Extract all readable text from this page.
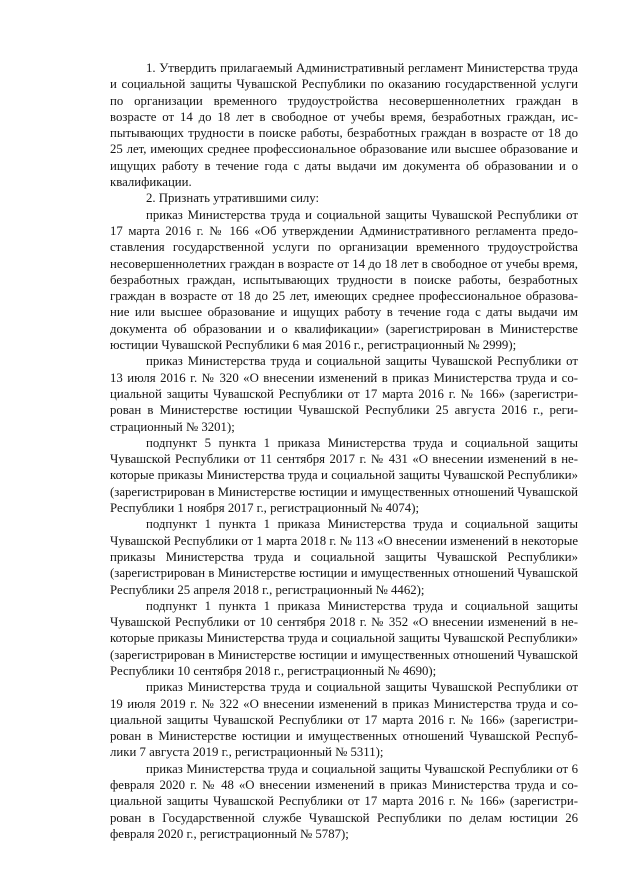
1. Утвердить прилагаемый Административный регламент Министерства труда и социальной защиты Чувашской Республики по оказанию государственной услуги по организации временного трудоустройства несовершеннолетних граждан в возрасте от 14 до 18 лет в свободное от учебы время, безработных граждан, испытывающих трудности в поиске работы, безработных граждан в возрасте от 18 до 25 лет, имеющих среднее профессиональное образование или высшее образование и ищущих работу в течение года с даты выдачи им документа об образовании и о квалификации.

2. Признать утратившими силу:

приказ Министерства труда и социальной защиты Чувашской Республики от 17 марта 2016 г. № 166 «Об утверждении Административного регламента предоставления государственной услуги по организации временного трудоустройства несовершеннолетних граждан в возрасте от 14 до 18 лет в свободное от учебы время, безработных граждан, испытывающих трудности в поиске работы, безработных граждан в возрасте от 18 до 25 лет, имеющих среднее профессиональное образование или высшее образование и ищущих работу в течение года с даты выдачи им документа об образовании и о квалификации» (зарегистрирован в Министерстве юстиции Чувашской Республики 6 мая 2016 г., регистрационный № 2999);

приказ Министерства труда и социальной защиты Чувашской Республики от 13 июля 2016 г. № 320 «О внесении изменений в приказ Министерства труда и социальной защиты Чувашской Республики от 17 марта 2016 г. № 166» (зарегистрирован в Министерстве юстиции Чувашской Республики 25 августа 2016 г., регистрационный № 3201);

подпункт 5 пункта 1 приказа Министерства труда и социальной защиты Чувашской Республики от 11 сентября 2017 г. № 431 «О внесении изменений в некоторые приказы Министерства труда и социальной защиты Чувашской Республики» (зарегистрирован в Министерстве юстиции и имущественных отношений Чувашской Республики 1 ноября 2017 г., регистрационный № 4074);

подпункт 1 пункта 1 приказа Министерства труда и социальной защиты Чувашской Республики от 1 марта 2018 г. № 113 «О внесении изменений в некоторые приказы Министерства труда и социальной защиты Чувашской Республики» (зарегистрирован в Министерстве юстиции и имущественных отношений Чувашской Республики 25 апреля 2018 г., регистрационный № 4462);

подпункт 1 пункта 1 приказа Министерства труда и социальной защиты Чувашской Республики от 10 сентября 2018 г. № 352 «О внесении изменений в некоторые приказы Министерства труда и социальной защиты Чувашской Республики» (зарегистрирован в Министерстве юстиции и имущественных отношений Чувашской Республики 10 сентября 2018 г., регистрационный № 4690);

приказ Министерства труда и социальной защиты Чувашской Республики от 19 июля 2019 г. № 322 «О внесении изменений в приказ Министерства труда и социальной защиты Чувашской Республики от 17 марта 2016 г. № 166» (зарегистрирован в Министерстве юстиции и имущественных отношений Чувашской Республики 7 августа 2019 г., регистрационный № 5311);

приказ Министерства труда и социальной защиты Чувашской Республики от 6 февраля 2020 г. № 48 «О внесении изменений в приказ Министерства труда и социальной защиты Чувашской Республики от 17 марта 2016 г. № 166» (зарегистрирован в Государственной службе Чувашской Республики по делам юстиции 26 февраля 2020 г., регистрационный № 5787);
